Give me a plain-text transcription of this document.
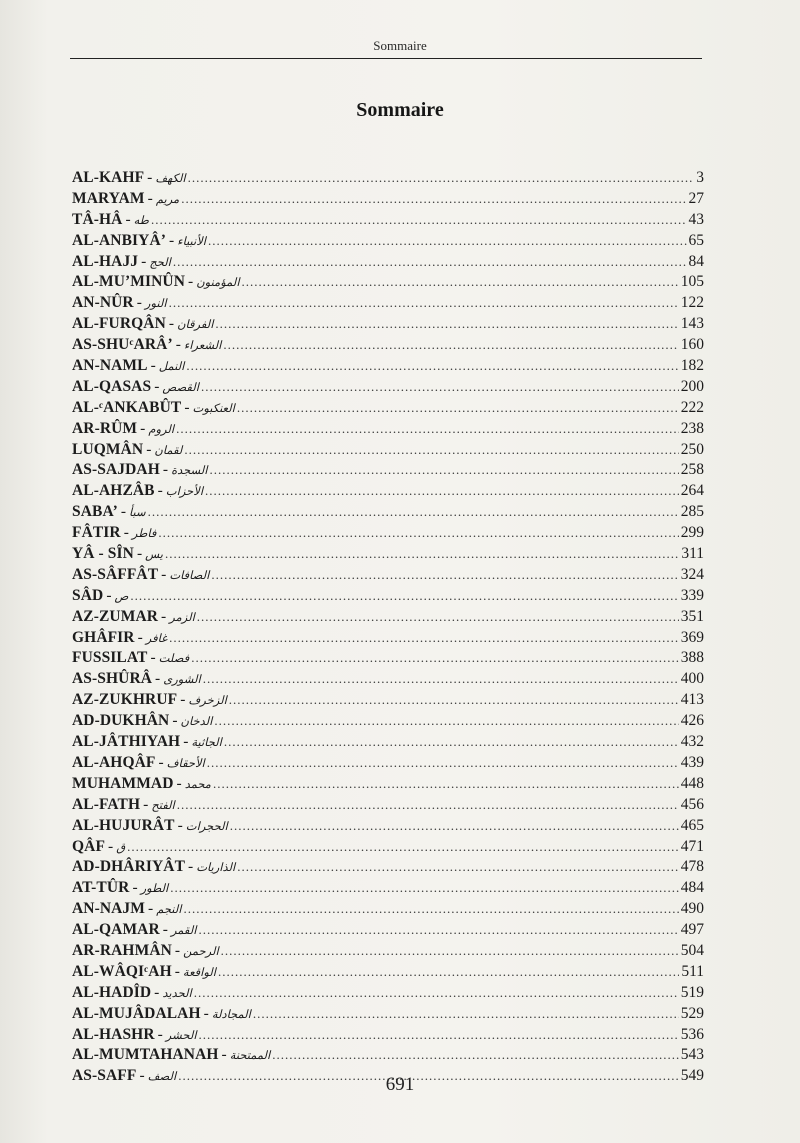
Sommaire
Sommaire
AL-KAHF - الكهف .....	3
MARYAM - مريم .....	27
TÂ-HÂ - طه .....	43
AL-ANBIYÂ’ - الأنبياء .....	65
AL-HAJJ - الحج .....	84
AL-MU’MINÛN - المؤمنون .....	105
AN-NÛR - النور .....	122
AL-FURQÂN - الفرقان .....	143
AS-SHUᶜARÂ’ - الشعراء .....	160
AN-NAML - النمل .....	182
AL-QASAS - القصص .....	200
AL-ᶜANKABÛT - العنكبوت .....	222
AR-RÛM - الروم .....	238
LUQMÂN - لقمان .....	250
AS-SAJDAH - السجدة .....	258
AL-AHZÂB - الأحزاب .....	264
SABA’ - سبأ .....	285
FÂTIR - فاطر .....	299
YÂ - SÎN - يس .....	311
AS-SÂFFÂT - الصافات .....	324
SÂD - ص .....	339
AZ-ZUMAR - الزمر .....	351
GHÂFIR - غافر .....	369
FUSSILAT - فصلت .....	388
AS-SHÛRÂ - الشورى .....	400
AZ-ZUKHRUF - الزخرف .....	413
AD-DUKHÂN - الدخان .....	426
AL-JÂTHIYAH - الجاثية .....	432
AL-AHQÂF - الأحقاف .....	439
MUHAMMAD - محمد .....	448
AL-FATH - الفتح .....	456
AL-HUJURÂT - الحجرات .....	465
QÂF - ق .....	471
AD-DHÂRIYÂT - الذاريات .....	478
AT-TÛR - الطور .....	484
AN-NAJM - النجم .....	490
AL-QAMAR - القمر .....	497
AR-RAHMÂN - الرحمن .....	504
AL-WÂQIᶜAH - الواقعة .....	511
AL-HADÎD - الحديد .....	519
AL-MUJÂDALAH - المجادلة .....	529
AL-HASHR - الحشر .....	536
AL-MUMTAHANAH - الممتحنة .....	543
AS-SAFF - الصف .....	549
691
